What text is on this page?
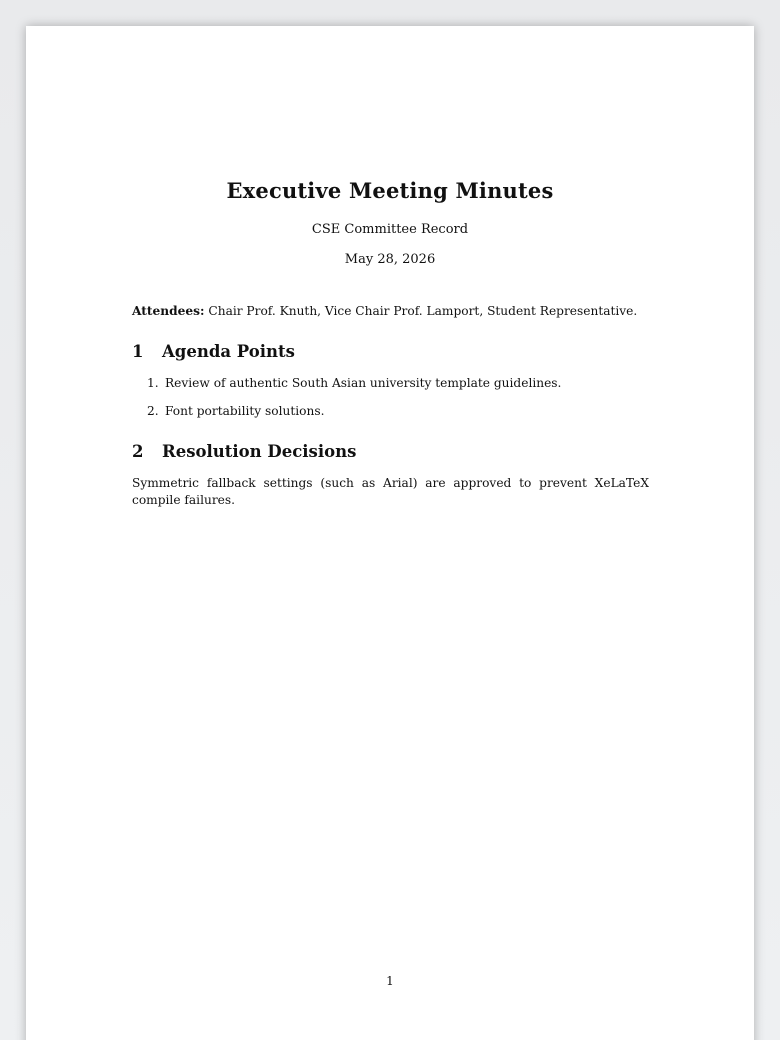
Executive Meeting Minutes
CSE Committee Record
May 28, 2026
Attendees: Chair Prof. Knuth, Vice Chair Prof. Lamport, Student Representative.
1 Agenda Points
1. Review of authentic South Asian university template guidelines.
2. Font portability solutions.
2 Resolution Decisions
Symmetric fallback settings (such as Arial) are approved to prevent XeLaTeX compile failures.
1
